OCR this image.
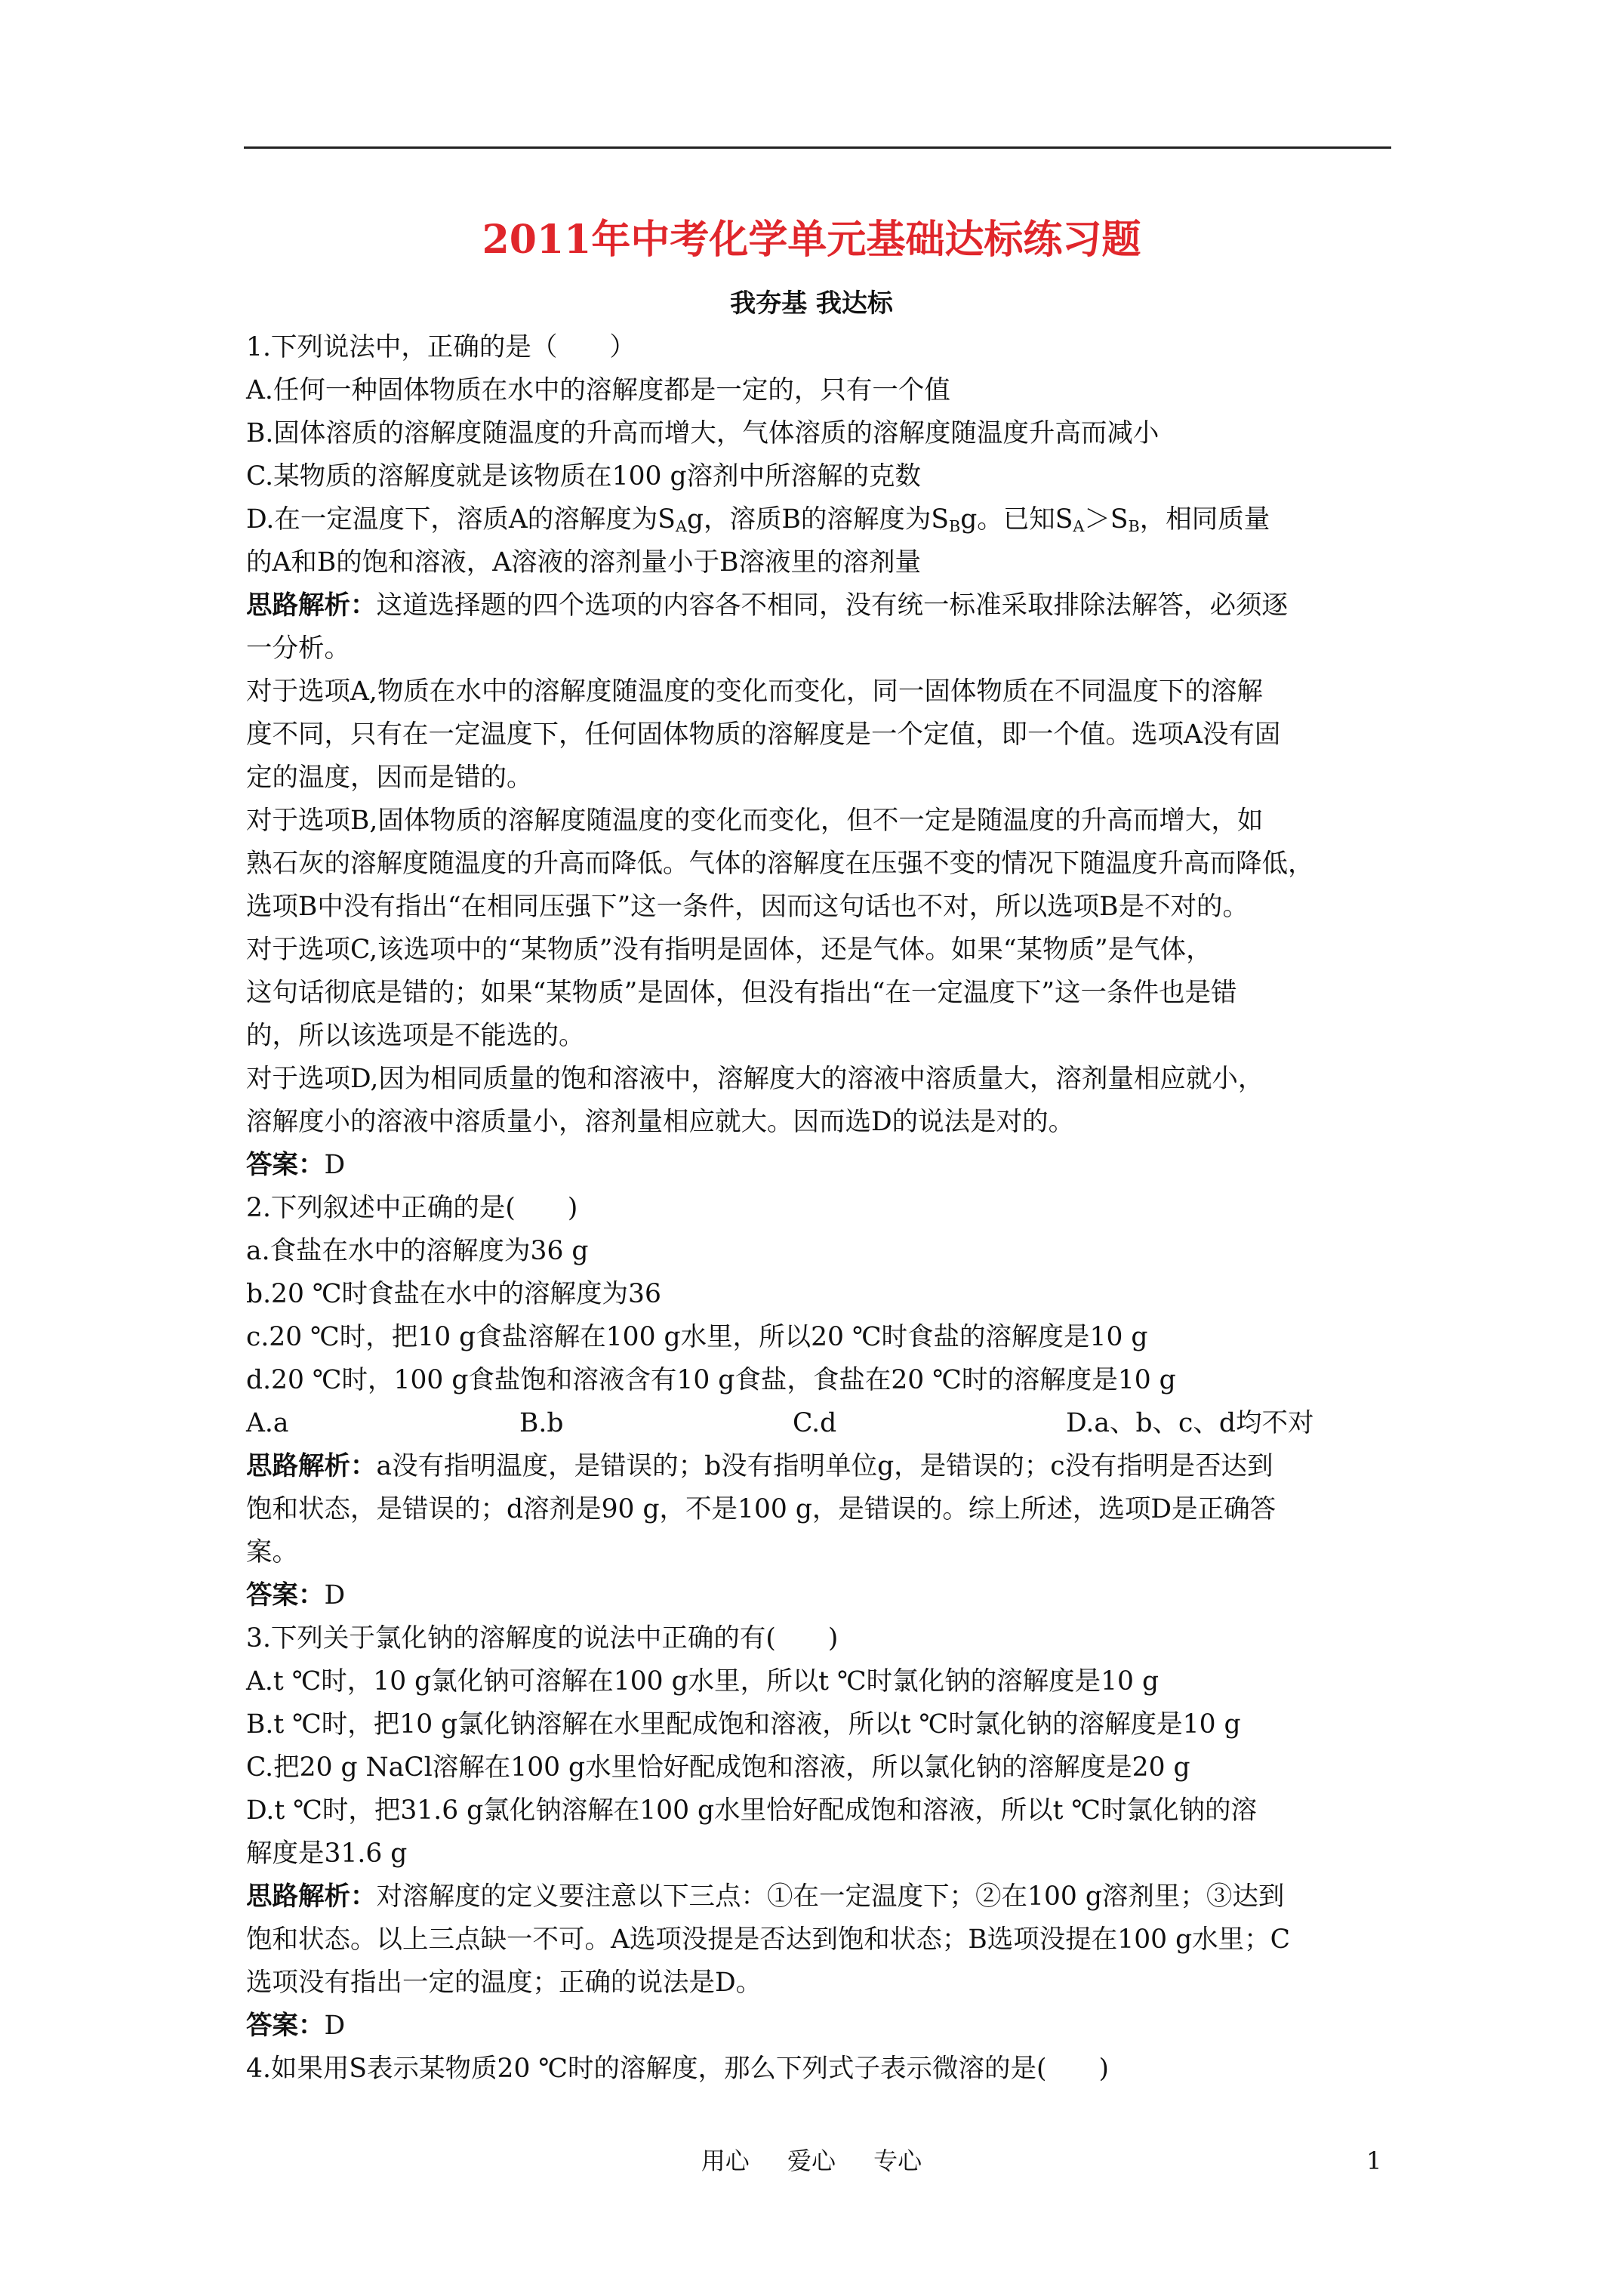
2011年中考化学单元基础达标练习题
我夯基 我达标
1.下列说法中，正确的是（　　）
A.任何一种固体物质在水中的溶解度都是一定的，只有一个值
B.固体溶质的溶解度随温度的升高而增大，气体溶质的溶解度随温度升高而减小
C.某物质的溶解度就是该物质在100 g溶剂中所溶解的克数
D.在一定温度下，溶质A的溶解度为$S_Ag$，溶质B的溶解度为$S_Bg$。已知$S_A>S_B$，相同质量
的A和B的饱和溶液，A溶液的溶剂量小于B溶液里的溶剂量
思路解析：这道选择题的四个选项的内容各不相同，没有统一标准采取排除法解答，必须逐
一分析。
对于选项A,物质在水中的溶解度随温度的变化而变化，同一固体物质在不同温度下的溶解
度不同，只有在一定温度下，任何固体物质的溶解度是一个定值，即一个值。选项A没有固
定的温度，因而是错的。
对于选项B,固体物质的溶解度随温度的变化而变化，但不一定是随温度的升高而增大，如
熟石灰的溶解度随温度的升高而降低。气体的溶解度在压强不变的情况下随温度升高而降低，
选项B中没有指出“在相同压强下”这一条件，因而这句话也不对，所以选项B是不对的。
对于选项C,该选项中的“某物质”没有指明是固体，还是气体。如果“某物质”是气体，
这句话彻底是错的；如果“某物质”是固体，但没有指出“在一定温度下”这一条件也是错
的，所以该选项是不能选的。
对于选项D,因为相同质量的饱和溶液中，溶解度大的溶液中溶质量大，溶剂量相应就小，
溶解度小的溶液中溶质量小，溶剂量相应就大。因而选D的说法是对的。
答案：D
2.下列叙述中正确的是(　　)
a.食盐在水中的溶解度为36 g
b.20 ℃时食盐在水中的溶解度为36
c.20 ℃时，把10 g食盐溶解在100 g水里，所以20 ℃时食盐的溶解度是10 g
d.20 ℃时，100 g食盐饱和溶液含有10 g食盐，食盐在20 ℃时的溶解度是10 g
A.a	B.b	C.d	D.a、b、c、d均不对
思路解析：a没有指明温度，是错误的；b没有指明单位g，是错误的；c没有指明是否达到
饱和状态，是错误的；d溶剂是90 g，不是100 g，是错误的。综上所述，选项D是正确答
案。
答案：D
3.下列关于氯化钠的溶解度的说法中正确的有(　　)
A.t ℃时，10 g氯化钠可溶解在100 g水里，所以t ℃时氯化钠的溶解度是10 g
B.t ℃时，把10 g氯化钠溶解在水里配成饱和溶液，所以t ℃时氯化钠的溶解度是10 g
C.把20 g NaCl溶解在100 g水里恰好配成饱和溶液，所以氯化钠的溶解度是20 g
D.t ℃时，把31.6 g氯化钠溶解在100 g水里恰好配成饱和溶液，所以t ℃时氯化钠的溶
解度是31.6 g
思路解析：对溶解度的定义要注意以下三点：①在一定温度下；②在100 g溶剂里；③达到
饱和状态。以上三点缺一不可。A选项没提是否达到饱和状态；B选项没提在100 g水里；C
选项没有指出一定的温度；正确的说法是D。
答案：D
4.如果用S表示某物质20 ℃时的溶解度，那么下列式子表示微溶的是(　　)
用心 爱心 专心	1
